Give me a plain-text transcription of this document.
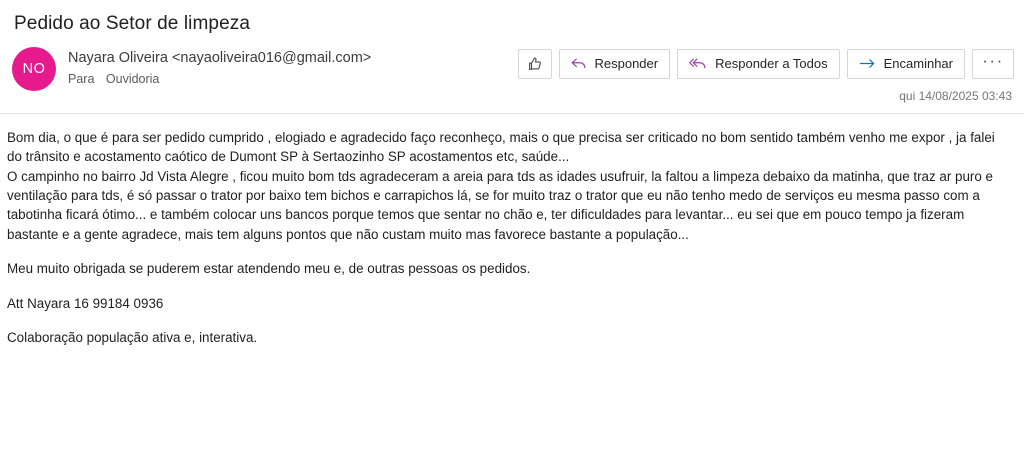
Pedido ao Setor de limpeza
NO
Nayara Oliveira <nayaoliveira016@gmail.com>
Para Ouvidoria
Responder	Responder a Todos	Encaminhar	···
qui 14/08/2025 03:43

Bom dia, o que é para ser pedido cumprido , elogiado e agradecido faço reconheço, mais o que precisa ser criticado no bom sentido também venho me expor , ja falei do trânsito e acostamento caótico de Dumont SP à Sertaozinho SP acostamentos etc, saúde...

O campinho no bairro Jd Vista Alegre , ficou muito bom tds agradeceram a areia para tds as idades usufruir, la faltou a limpeza debaixo da matinha, que traz ar puro e ventilação para tds, é só passar o trator por baixo tem bichos e carrapichos lá, se for muito traz o trator que eu não tenho medo de serviços eu mesma passo com a tabotinha ficará ótimo... e também colocar uns bancos porque temos que sentar no chão e, ter dificuldades para levantar... eu sei que em pouco tempo ja fizeram bastante e a gente agradece, mais tem alguns pontos que não custam muito mas favorece bastante a população...

Meu muito obrigada se puderem estar atendendo meu e, de outras pessoas os pedidos.

Att Nayara 16 99184 0936

Colaboração população ativa e, interativa.
